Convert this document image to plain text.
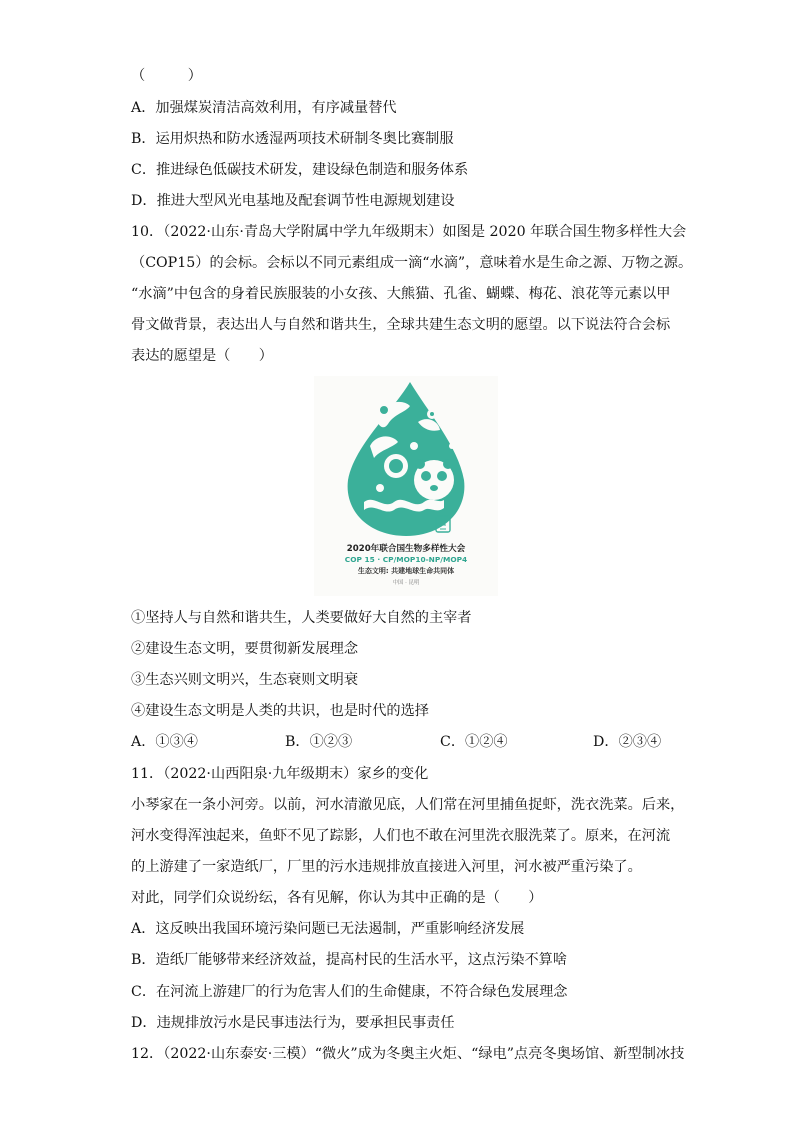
（　　　）
A．加强煤炭清洁高效利用，有序减量替代
B．运用炽热和防水透湿两项技术研制冬奥比赛制服
C．推进绿色低碳技术研发，建设绿色制造和服务体系
D．推进大型风光电基地及配套调节性电源规划建设
10．（2022·山东·青岛大学附属中学九年级期末）如图是 2020 年联合国生物多样性大会
（COP15）的会标。会标以不同元素组成一滴“水滴”，意味着水是生命之源、万物之源。
“水滴”中包含的身着民族服装的小女孩、大熊猫、孔雀、蝴蝶、梅花、浪花等元素以甲
骨文做背景，表达出人与自然和谐共生，全球共建生态文明的愿望。以下说法符合会标
表达的愿望是（　　）
2020年联合国生物多样性大会
COP 15 · CP/MOP10-NP/MOP4
生态文明: 共建地球生命共同体
中国 · 昆明
①坚持人与自然和谐共生，人类要做好大自然的主宰者
②建设生态文明，要贯彻新发展理念
③生态兴则文明兴，生态衰则文明衰
④建设生态文明是人类的共识，也是时代的选择
A．①③④	B．①②③	C．①②④	D．②③④
11．（2022·山西阳泉·九年级期末）家乡的变化
小琴家在一条小河旁。以前，河水清澈见底，人们常在河里捕鱼捉虾，洗衣洗菜。后来，
河水变得浑浊起来，鱼虾不见了踪影，人们也不敢在河里洗衣服洗菜了。原来，在河流
的上游建了一家造纸厂，厂里的污水违规排放直接进入河里，河水被严重污染了。
对此，同学们众说纷纭，各有见解，你认为其中正确的是（　　）
A．这反映出我国环境污染问题已无法遏制，严重影响经济发展
B．造纸厂能够带来经济效益，提高村民的生活水平，这点污染不算啥
C．在河流上游建厂的行为危害人们的生命健康，不符合绿色发展理念
D．违规排放污水是民事违法行为，要承担民事责任
12．（2022·山东泰安·三模）“微火”成为冬奥主火炬、“绿电”点亮冬奥场馆、新型制冰技
